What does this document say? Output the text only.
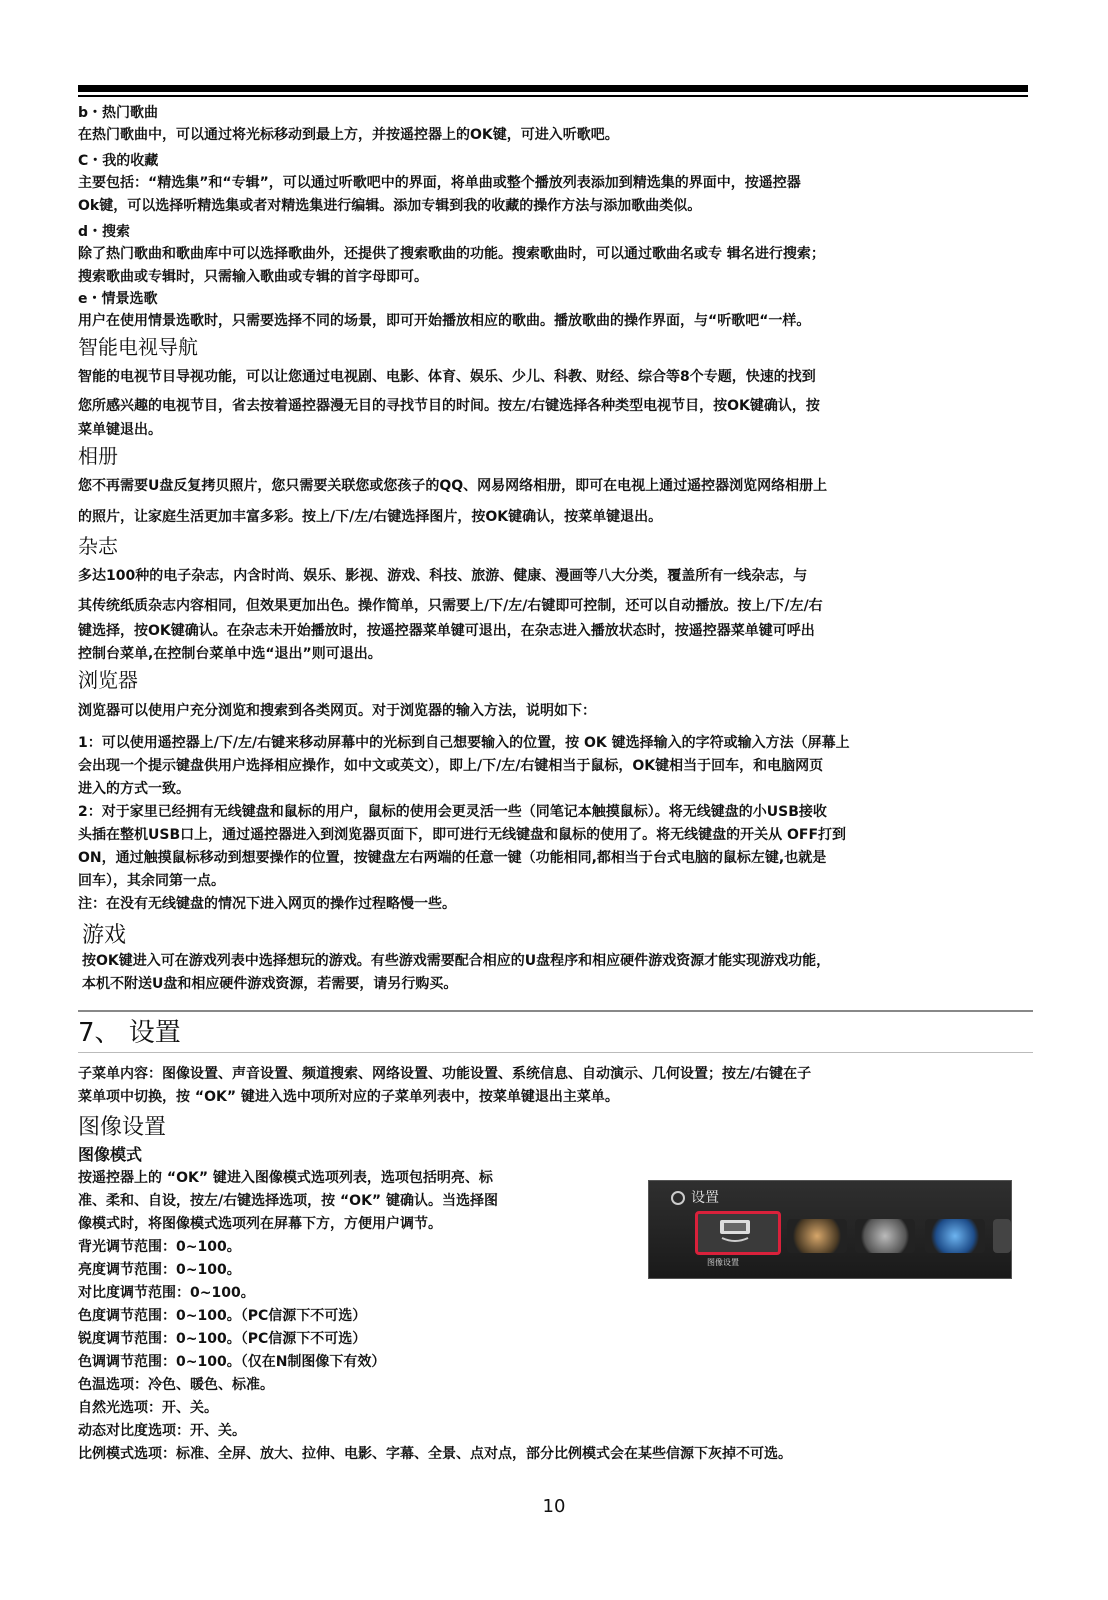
b・热门歌曲
在热门歌曲中，可以通过将光标移动到最上方，并按遥控器上的OK键，可进入听歌吧。
C・我的收藏
主要包括：“精选集”和“专辑”，可以通过听歌吧中的界面，将单曲或整个播放列表添加到精选集的界面中，按遥控器
Ok键，可以选择听精选集或者对精选集进行编辑。添加专辑到我的收藏的操作方法与添加歌曲类似。
d・搜索
除了热门歌曲和歌曲库中可以选择歌曲外，还提供了搜索歌曲的功能。搜索歌曲时，可以通过歌曲名或专 辑名进行搜索；
搜索歌曲或专辑时，只需输入歌曲或专辑的首字母即可。
e・情景选歌
用户在使用情景选歌时，只需要选择不同的场景，即可开始播放相应的歌曲。播放歌曲的操作界面，与“听歌吧“一样。
智能电视导航
智能的电视节目导视功能，可以让您通过电视剧、电影、体育、娱乐、少儿、科教、财经、综合等8个专题，快速的找到
您所感兴趣的电视节目，省去按着遥控器漫无目的寻找节目的时间。按左/右键选择各种类型电视节目，按OK键确认，按
菜单键退出。
相册
您不再需要U盘反复拷贝照片，您只需要关联您或您孩子的QQ、网易网络相册，即可在电视上通过遥控器浏览网络相册上
的照片，让家庭生活更加丰富多彩。按上/下/左/右键选择图片，按OK键确认，按菜单键退出。
杂志
多达100种的电子杂志，内含时尚、娱乐、影视、游戏、科技、旅游、健康、漫画等八大分类，覆盖所有一线杂志，与
其传统纸质杂志内容相同，但效果更加出色。操作简单，只需要上/下/左/右键即可控制，还可以自动播放。按上/下/左/右
键选择，按OK键确认。在杂志未开始播放时，按遥控器菜单键可退出，在杂志进入播放状态时，按遥控器菜单键可呼出
控制台菜单,在控制台菜单中选“退出”则可退出。
浏览器
浏览器可以使用户充分浏览和搜索到各类网页。对于浏览器的输入方法，说明如下：
1：可以使用遥控器上/下/左/右键来移动屏幕中的光标到自己想要输入的位置，按 OK 键选择输入的字符或输入方法（屏幕上
会出现一个提示键盘供用户选择相应操作，如中文或英文），即上/下/左/右键相当于鼠标，OK键相当于回车，和电脑网页
进入的方式一致。
2：对于家里已经拥有无线键盘和鼠标的用户，鼠标的使用会更灵活一些（同笔记本触摸鼠标）。将无线键盘的小USB接收
头插在整机USB口上，通过遥控器进入到浏览器页面下，即可进行无线键盘和鼠标的使用了。将无线键盘的开关从 OFF打到
ON，通过触摸鼠标移动到想要操作的位置，按键盘左右两端的任意一键（功能相同,都相当于台式电脑的鼠标左键,也就是
回车），其余同第一点。
注：在没有无线键盘的情况下进入网页的操作过程略慢一些。
游戏
按OK键进入可在游戏列表中选择想玩的游戏。有些游戏需要配合相应的U盘程序和相应硬件游戏资源才能实现游戏功能，
本机不附送U盘和相应硬件游戏资源，若需要，请另行购买。
7、 设置
子菜单内容：图像设置、声音设置、频道搜索、网络设置、功能设置、系统信息、自动演示、几何设置；按左/右键在子
菜单项中切换，按 “OK” 键进入选中项所对应的子菜单列表中，按菜单键退出主菜单。
图像设置
图像模式
按遥控器上的 “OK” 键进入图像模式选项列表，选项包括明亮、标
准、柔和、自设，按左/右键选择选项，按 “OK” 键确认。当选择图
像模式时，将图像模式选项列在屏幕下方，方便用户调节。
背光调节范围：0~100。
亮度调节范围：0~100。
对比度调节范围：0~100。
色度调节范围：0~100。（PC信源下不可选）
锐度调节范围：0~100。（PC信源下不可选）
色调调节范围：0~100。（仅在N制图像下有效）
色温选项：冷色、暖色、标准。
自然光选项：开、关。
动态对比度选项：开、关。
比例模式选项：标准、全屏、放大、拉伸、电影、字幕、全景、点对点，部分比例模式会在某些信源下灰掉不可选。
设置
图像设置
10
